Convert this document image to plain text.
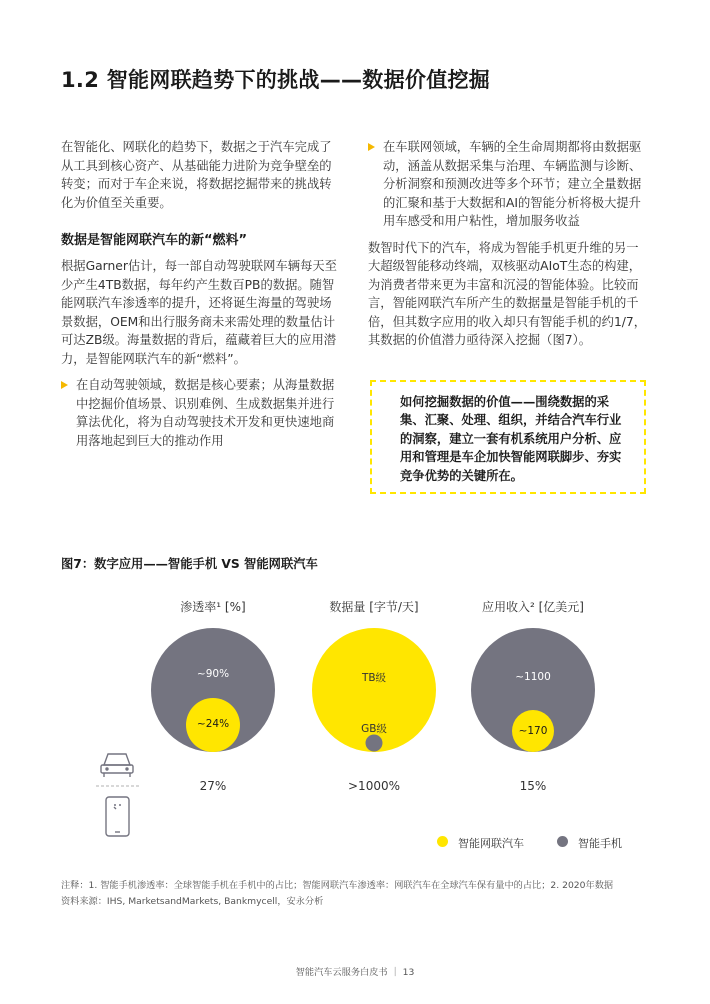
1.2 智能网联趋势下的挑战——数据价值挖掘

在智能化、网联化的趋势下，数据之于汽车完成了从工具到核心资产、从基础能力进阶为竞争壁垒的转变；而对于车企来说，将数据挖掘带来的挑战转化为价值至关重要。

数据是智能网联汽车的新“燃料”

根据Garner估计，每一部自动驾驶联网车辆每天至少产生4TB数据，每年约产生数百PB的数据。随智能网联汽车渗透率的提升，还将诞生海量的驾驶场景数据，OEM和出行服务商未来需处理的数量估计可达ZB级。海量数据的背后，蕴藏着巨大的应用潜力，是智能网联汽车的新“燃料”。

在自动驾驶领域，数据是核心要素；从海量数据中挖掘价值场景、识别难例、生成数据集并进行算法优化，将为自动驾驶技术开发和更快速地商用落地起到巨大的推动作用
在车联网领域，车辆的全生命周期都将由数据驱动，涵盖从数据采集与治理、车辆监测与诊断、分析洞察和预测改进等多个环节；建立全量数据的汇聚和基于大数据和AI的智能分析将极大提升用车感受和用户粘性，增加服务收益

数智时代下的汽车，将成为智能手机更升维的另一大超级智能移动终端，双核驱动AIoT生态的构建，为消费者带来更为丰富和沉浸的智能体验。比较而言，智能网联汽车所产生的数据量是智能手机的千倍，但其数字应用的收入却只有智能手机的约1/7，其数据的价值潜力亟待深入挖掘（图7）。

如何挖掘数据的价值——围绕数据的采集、汇聚、处理、组织，并结合汽车行业的洞察，建立一套有机系统用户分析、应用和管理是车企加快智能网联脚步、夯实竞争优势的关键所在。
图7：数字应用——智能手机 VS 智能网联汽车
渗透率¹ [%]	数据量 [字节/天]	应用收入² [亿美元]
~90%
~24%
TB级
GB级
~1100
~170
27%	>1000%	15%
智能网联汽车	智能手机
注释：1. 智能手机渗透率：全球智能手机在手机中的占比；智能网联汽车渗透率：网联汽车在全球汽车保有量中的占比；2. 2020年数据
资料来源：IHS, MarketsandMarkets, Bankmycell，安永分析
智能汽车云服务白皮书 ｜ 13
